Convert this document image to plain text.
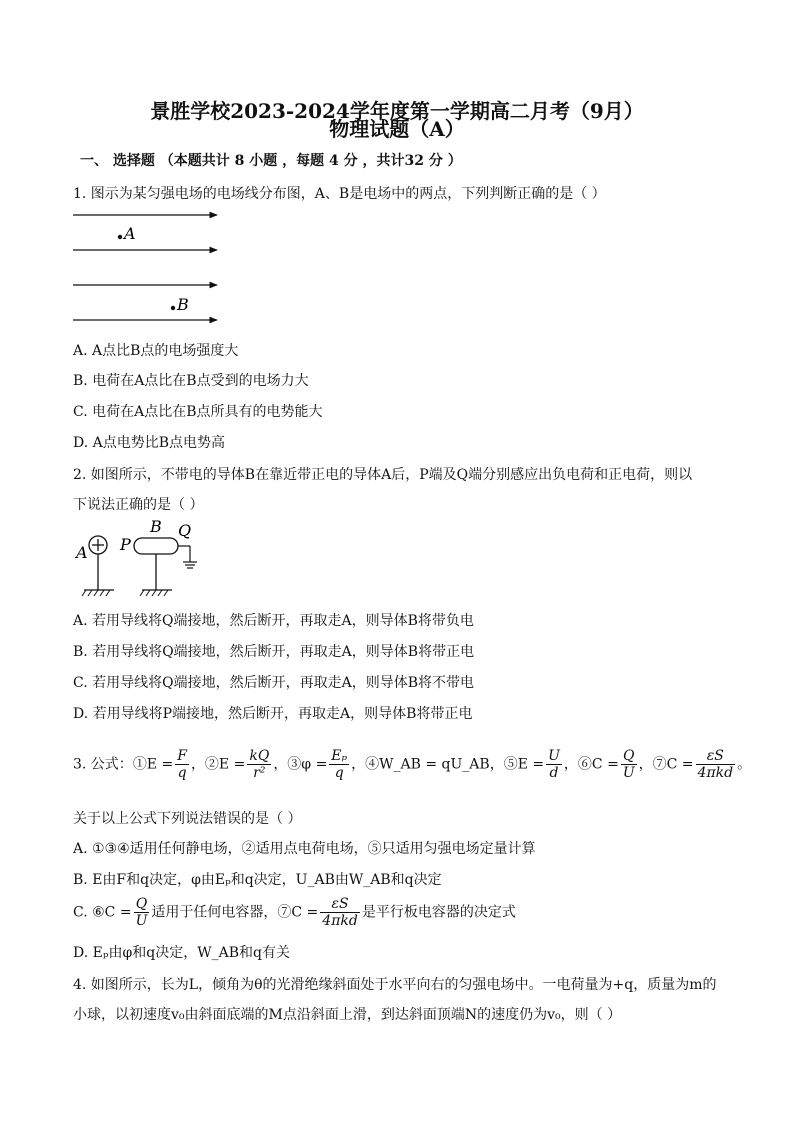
景胜学校2023-2024学年度第一学期高二月考（9月）
物理试题（A）
一、 选择题 （本题共计 8 小题 ，每题 4 分 ，共计32 分 ）
1. 图示为某匀强电场的电场线分布图，A、B是电场中的两点，下列判断正确的是（ ）
A
B
A. A点比B点的电场强度大
B. 电荷在A点比在B点受到的电场力大
C. 电荷在A点比在B点所具有的电势能大
D. A点电势比B点电势高
2. 如图所示，不带电的导体B在靠近带正电的导体A后，P端及Q端分别感应出负电荷和正电荷，则以
下说法正确的是（ ）
A P
B Q
A. 若用导线将Q端接地，然后断开，再取走A，则导体B将带负电
B. 若用导线将Q端接地，然后断开，再取走A，则导体B将带正电
C. 若用导线将Q端接地，然后断开，再取走A，则导体B将不带电
D. 若用导线将P端接地，然后断开，再取走A，则导体B将带正电
3. 公式：①E = $\frac{F}{q}$ ，②E = $\frac{kQ}{\text{r²}}$ ，③φ = $\frac{\text{Eₚ}}{q}$ ，④W_AB = qU_AB，⑤E = $\frac{U}{d}$ ，⑥C = $\frac{Q}{U}$ ，⑦C = $\frac{\varepsilon S}{\text{4πkd}}$ 。
关于以上公式下列说法错误的是（ ）
A. ①③④适用任何静电场，②适用点电荷电场，⑤只适用匀强电场定量计算
B. E由F和q决定，φ由Eₚ和q决定，U_AB由W_AB和q决定
C. ⑥C = $\frac{Q}{U}$ 适用于任何电容器，⑦C = $\frac{\varepsilon S}{\text{4πkd}}$ 是平行板电容器的决定式
D. Eₚ由φ和q决定，W_AB和q有关
4. 如图所示，长为L，倾角为θ的光滑绝缘斜面处于水平向右的匀强电场中。一电荷量为+q，质量为m的
小球，以初速度v₀由斜面底端的M点沿斜面上滑，到达斜面顶端N的速度仍为v₀，则（ ）
